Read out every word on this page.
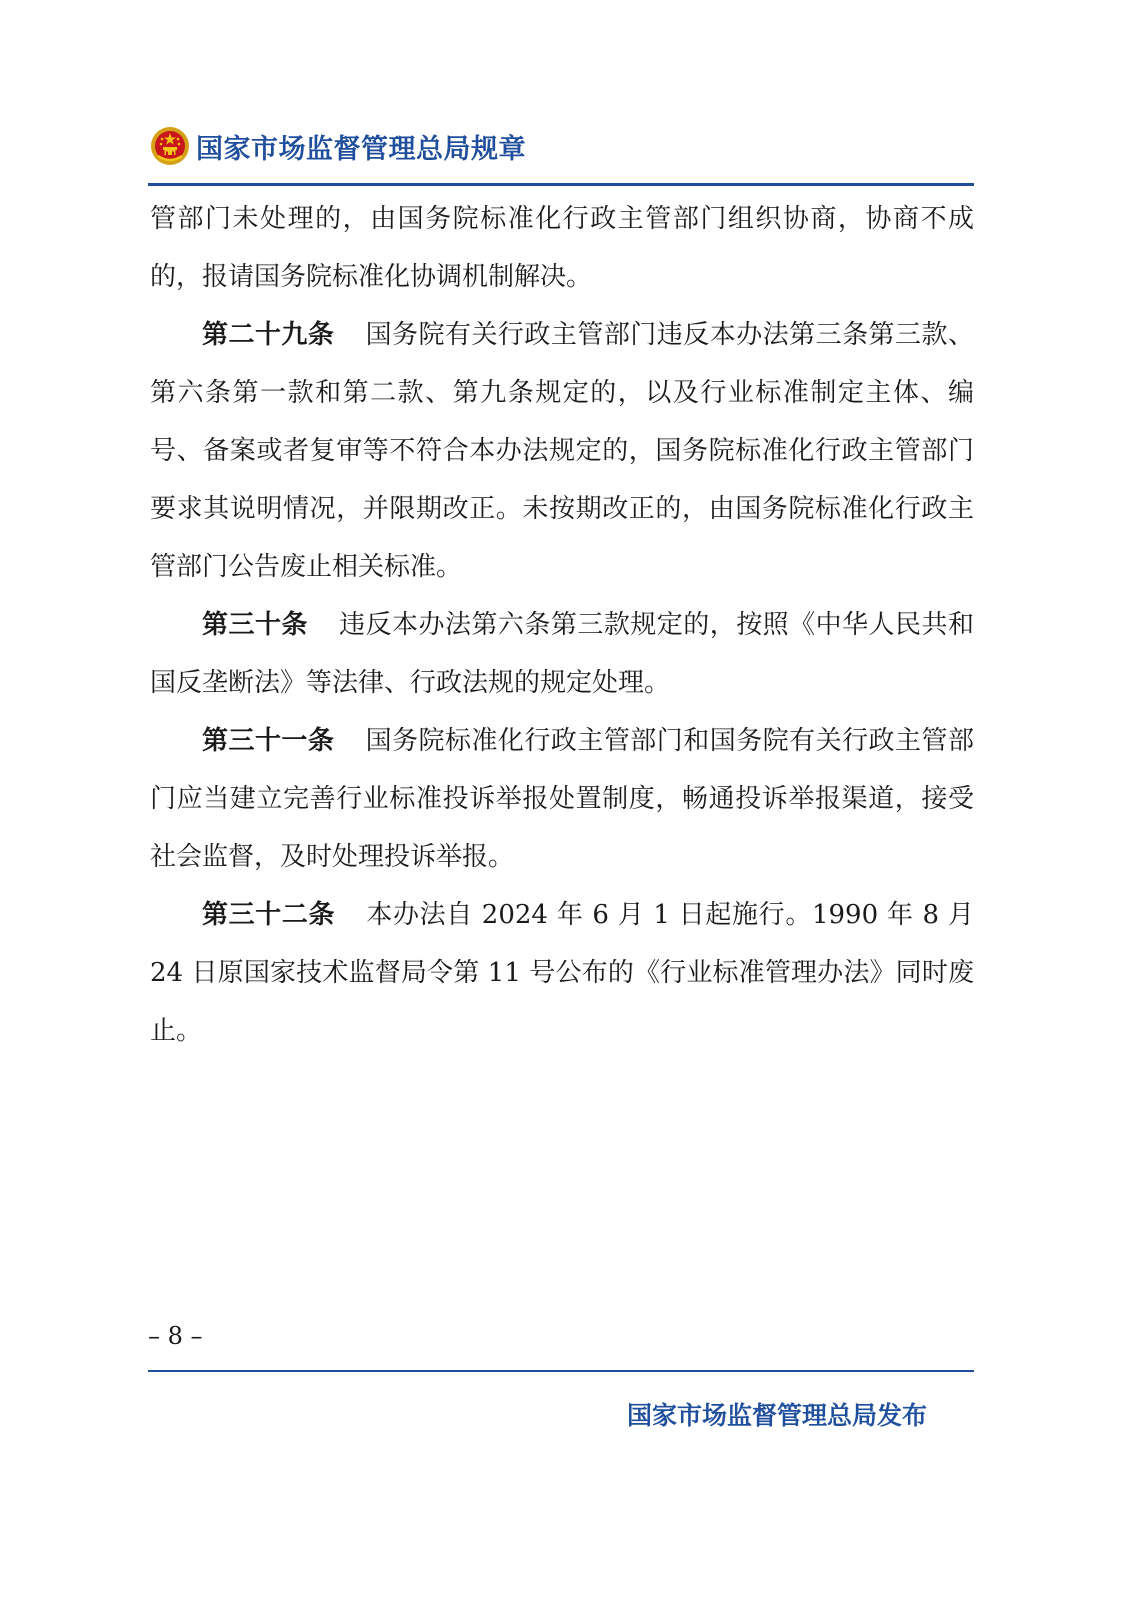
国家市场监督管理总局规章

管部门未处理的，由国务院标准化行政主管部门组织协商，协商不成的，报请国务院标准化协调机制解决。

第二十九条 国务院有关行政主管部门违反本办法第三条第三款、第六条第一款和第二款、第九条规定的，以及行业标准制定主体、编号、备案或者复审等不符合本办法规定的，国务院标准化行政主管部门要求其说明情况，并限期改正。未按期改正的，由国务院标准化行政主管部门公告废止相关标准。

第三十条 违反本办法第六条第三款规定的，按照《中华人民共和国反垄断法》等法律、行政法规的规定处理。

第三十一条 国务院标准化行政主管部门和国务院有关行政主管部门应当建立完善行业标准投诉举报处置制度，畅通投诉举报渠道，接受社会监督，及时处理投诉举报。

第三十二条 本办法自 2024 年 6 月 1 日起施行。1990 年 8 月 24 日原国家技术监督局令第 11 号公布的《行业标准管理办法》同时废止。

– 8 –
国家市场监督管理总局发布
